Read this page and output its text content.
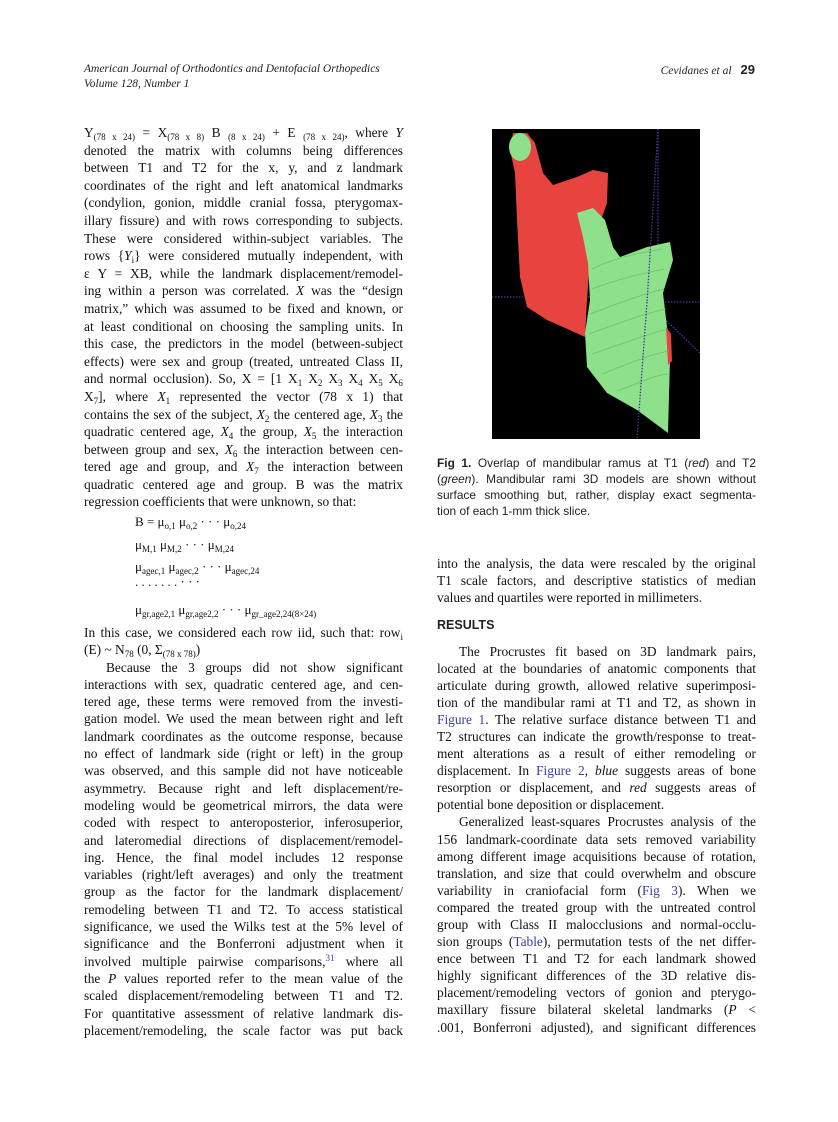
American Journal of Orthodontics and Dentofacial Orthopedics
Volume 128, Number 1
Cevidanes et al 29
$Y_{(78 x 24)} = X_{(78 x 8)}$ B $_{(8 x 24)}$ + E $_{(78 x 24)}$, where Y
denoted the matrix with columns being differences
between T1 and T2 for the x, y, and z landmark
coordinates of the right and left anatomical landmarks
(condylion, gonion, middle cranial fossa, pterygomax-
illary fissure) and with rows corresponding to subjects.
These were considered within-subject variables. The
rows $\{Y_i\}$ were considered mutually independent, with
ε Y = XB, while the landmark displacement/remodel-
ing within a person was correlated. X was the “design
matrix,” which was assumed to be fixed and known, or
at least conditional on choosing the sampling units. In
this case, the predictors in the model (between-subject
effects) were sex and group (treated, untreated Class II,
and normal occlusion). So, X = [1 $X_1$ $X_2$ $X_3$ $X_4$ $X_5$ $X_6$
$X_7$], where $X_1$ represented the vector (78 x 1) that
contains the sex of the subject, $X_2$ the centered age, $X_3$ the
quadratic centered age, $X_4$ the group, $X_5$ the interaction
between group and sex, $X_6$ the interaction between cen-
tered age and group, and $X_7$ the interaction between
quadratic centered age and group. B was the matrix
regression coefficients that were unknown, so that:
$B = \mu_{o,1}$ $\mu_{o,2}$ · · · $\mu_{o,24}$
$\mu_{M,1}$ $\mu_{M,2}$ · · · $\mu_{M,24}$
$\mu_{agec,1}$ $\mu_{agec,2}$ · · · $\mu_{agec,24}$
. . . . . . . · · ·
$\mu_{gr,age2,1}$ $\mu_{gr,age2,2}$ · · · $\mu_{gr\_age2,24(8\times 24)}$
In this case, we considered each row iid, such that: row$_i$
(E) ~ $N_{78}$ (0, $\Sigma_{(78 x 78)}$)
Because the 3 groups did not show significant
interactions with sex, quadratic centered age, and cen-
tered age, these terms were removed from the investi-
gation model. We used the mean between right and left
landmark coordinates as the outcome response, because
no effect of landmark side (right or left) in the group
was observed, and this sample did not have noticeable
asymmetry. Because right and left displacement/re-
modeling would be geometrical mirrors, the data were
coded with respect to anteroposterior, inferosuperior,
and lateromedial directions of displacement/remodel-
ing. Hence, the final model includes 12 response
variables (right/left averages) and only the treatment
group as the factor for the landmark displacement/
remodeling between T1 and T2. To access statistical
significance, we used the Wilks test at the 5% level of
significance and the Bonferroni adjustment when it
involved multiple pairwise comparisons,$^{31}$ where all
the P values reported refer to the mean value of the
scaled displacement/remodeling between T1 and T2.
For quantitative assessment of relative landmark dis-
placement/remodeling, the scale factor was put back
Fig 1. Overlap of mandibular ramus at T1 (red) and T2
(green). Mandibular rami 3D models are shown without
surface smoothing but, rather, display exact segmenta-
tion of each 1-mm thick slice.
into the analysis, the data were rescaled by the original
T1 scale factors, and descriptive statistics of median
values and quartiles were reported in millimeters.
RESULTS
The Procrustes fit based on 3D landmark pairs,
located at the boundaries of anatomic components that
articulate during growth, allowed relative superimposi-
tion of the mandibular rami at T1 and T2, as shown in
Figure 1. The relative surface distance between T1 and
T2 structures can indicate the growth/response to treat-
ment alterations as a result of either remodeling or
displacement. In Figure 2, blue suggests areas of bone
resorption or displacement, and red suggests areas of
potential bone deposition or displacement.
Generalized least-squares Procrustes analysis of the
156 landmark-coordinate data sets removed variability
among different image acquisitions because of rotation,
translation, and size that could overwhelm and obscure
variability in craniofacial form (Fig 3). When we
compared the treated group with the untreated control
group with Class II malocclusions and normal-occlu-
sion groups (Table), permutation tests of the net differ-
ence between T1 and T2 for each landmark showed
highly significant differences of the 3D relative dis-
placement/remodeling vectors of gonion and pterygo-
maxillary fissure bilateral skeletal landmarks (P <
.001, Bonferroni adjusted), and significant differences
